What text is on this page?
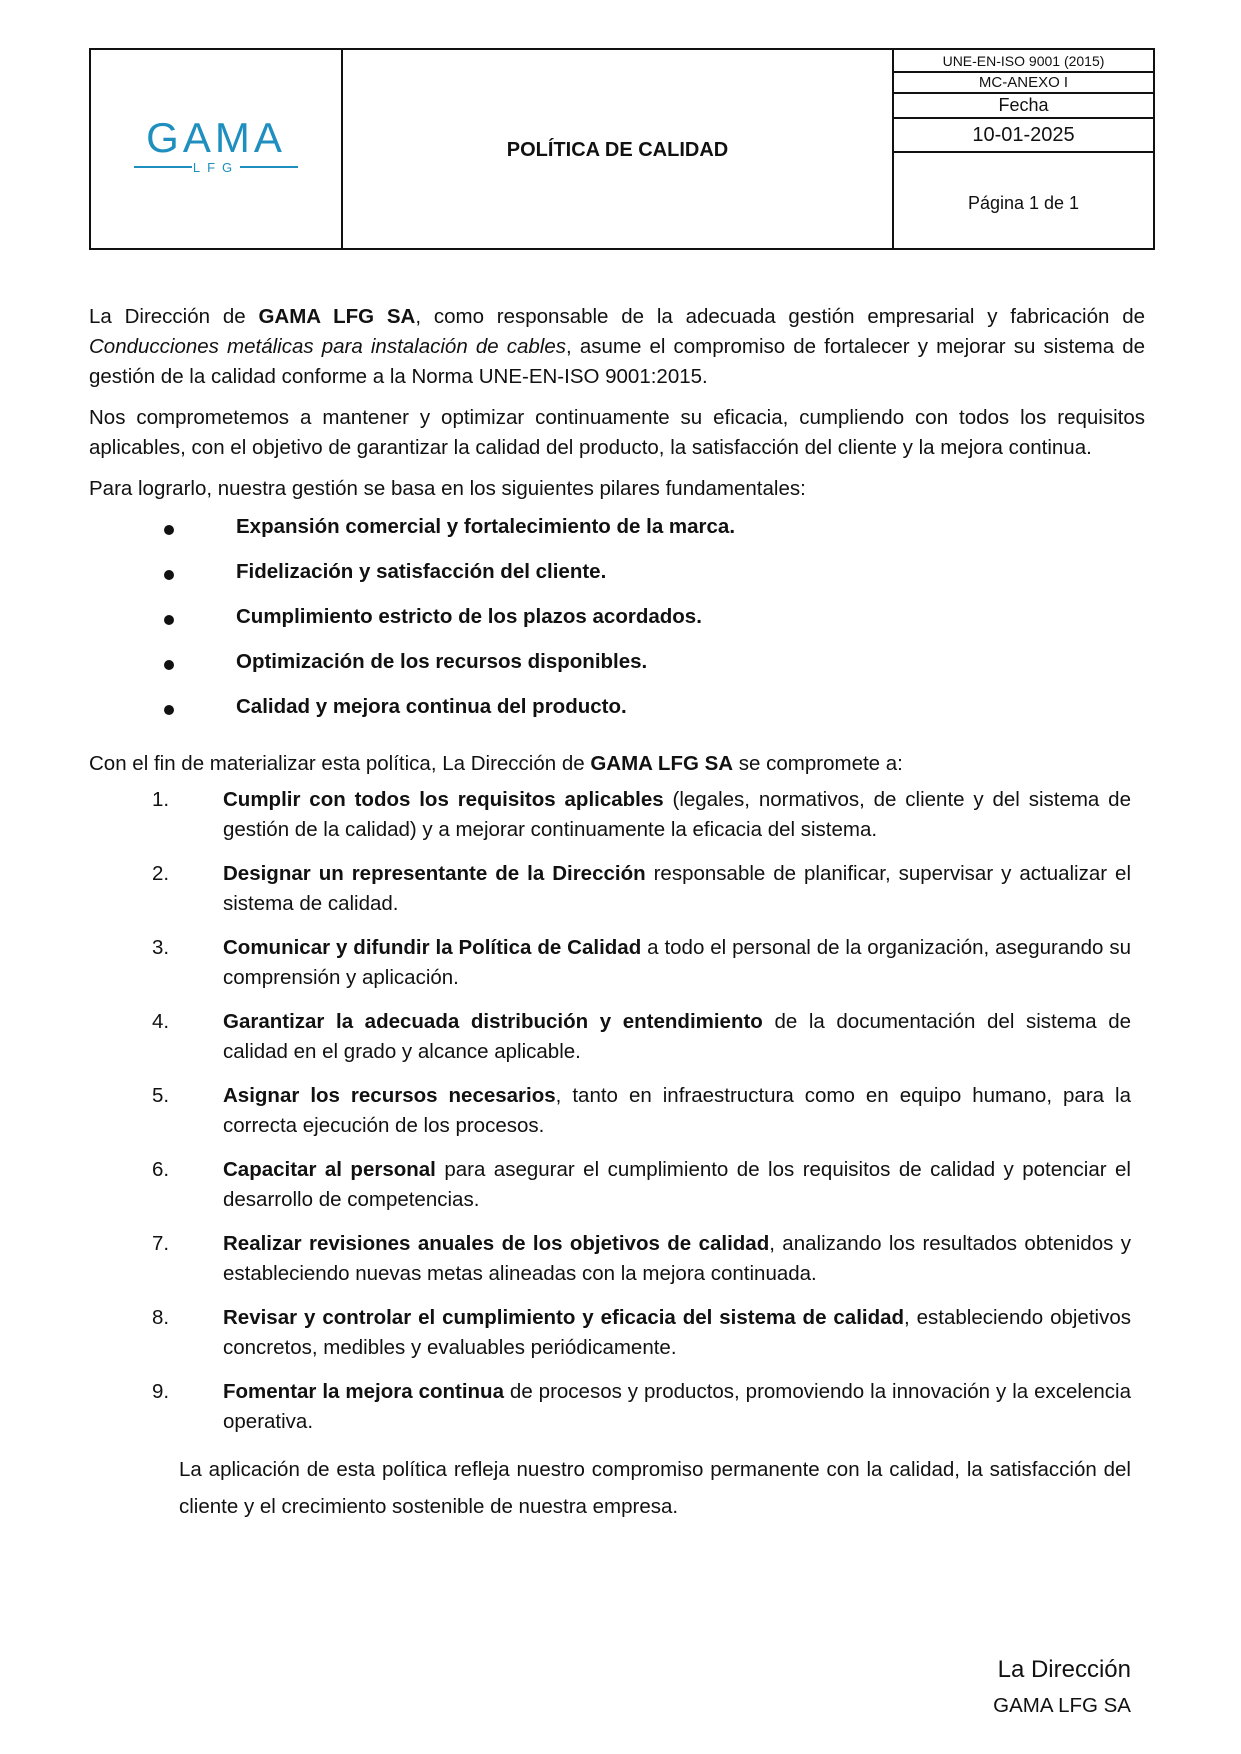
GAMA
LFG
POLÍTICA DE CALIDAD
UNE-EN-ISO 9001 (2015)
MC-ANEXO I
Fecha
10-01-2025
Página 1 de 1

La Dirección de GAMA LFG SA, como responsable de la adecuada gestión empresarial y fabricación de Conducciones metálicas para instalación de cables, asume el compromiso de fortalecer y mejorar su sistema de gestión de la calidad conforme a la Norma UNE-EN-ISO 9001:2015.

Nos comprometemos a mantener y optimizar continuamente su eficacia, cumpliendo con todos los requisitos aplicables, con el objetivo de garantizar la calidad del producto, la satisfacción del cliente y la mejora continua.

Para lograrlo, nuestra gestión se basa en los siguientes pilares fundamentales:

Expansión comercial y fortalecimiento de la marca.
Fidelización y satisfacción del cliente.
Cumplimiento estricto de los plazos acordados.
Optimización de los recursos disponibles.
Calidad y mejora continua del producto.

Con el fin de materializar esta política, La Dirección de GAMA LFG SA se compromete a:

1.	Cumplir con todos los requisitos aplicables (legales, normativos, de cliente y del sistema de gestión de la calidad) y a mejorar continuamente la eficacia del sistema.
2.	Designar un representante de la Dirección responsable de planificar, supervisar y actualizar el sistema de calidad.
3.	Comunicar y difundir la Política de Calidad a todo el personal de la organización, asegurando su comprensión y aplicación.
4.	Garantizar la adecuada distribución y entendimiento de la documentación del sistema de calidad en el grado y alcance aplicable.
5.	Asignar los recursos necesarios, tanto en infraestructura como en equipo humano, para la correcta ejecución de los procesos.
6.	Capacitar al personal para asegurar el cumplimiento de los requisitos de calidad y potenciar el desarrollo de competencias.
7.	Realizar revisiones anuales de los objetivos de calidad, analizando los resultados obtenidos y estableciendo nuevas metas alineadas con la mejora continuada.
8.	Revisar y controlar el cumplimiento y eficacia del sistema de calidad, estableciendo objetivos concretos, medibles y evaluables periódicamente.
9.	Fomentar la mejora continua de procesos y productos, promoviendo la innovación y la excelencia operativa.

La aplicación de esta política refleja nuestro compromiso permanente con la calidad, la satisfacción del cliente y el crecimiento sostenible de nuestra empresa.

La Dirección
GAMA LFG SA
